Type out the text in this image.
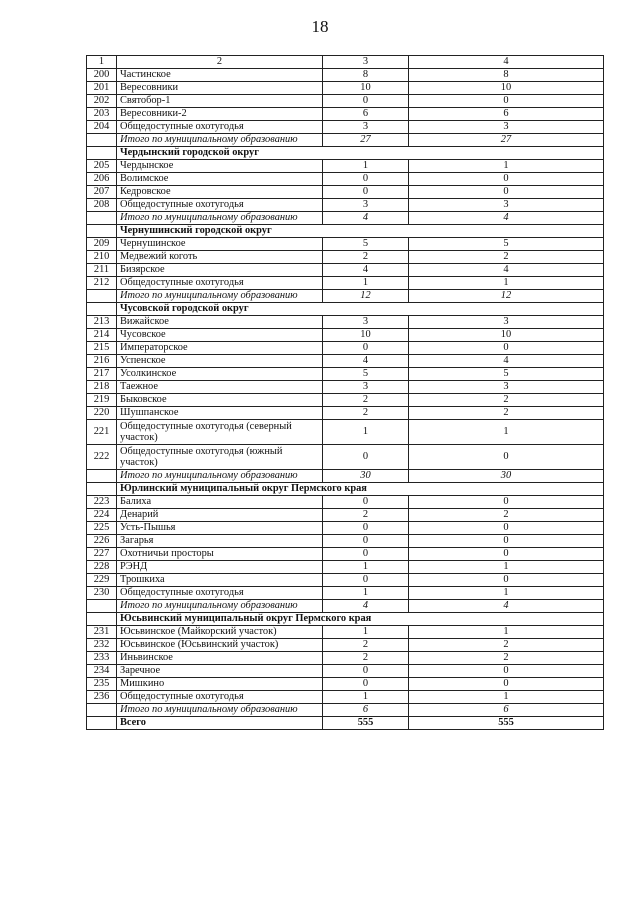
18
1	2	3	4
200	Частинское	8	8
201	Вересовники	10	10
202	Святобор-1	0	0
203	Вересовники-2	6	6
204	Общедоступные охотугодья	3	3
	Итого по муниципальному образованию	27	27
	Чердынский городской округ		
205	Чердынское	1	1
206	Волимское	0	0
207	Кедровское	0	0
208	Общедоступные охотугодья	3	3
	Итого по муниципальному образованию	4	4
	Чернушинский городской округ		
209	Чернушинское	5	5
210	Медвежий коготь	2	2
211	Бизярское	4	4
212	Общедоступные охотугодья	1	1
	Итого по муниципальному образованию	12	12
	Чусовской городской округ		
213	Вижайское	3	3
214	Чусовское	10	10
215	Императорское	0	0
216	Успенское	4	4
217	Усолкинское	5	5
218	Таежное	3	3
219	Быковское	2	2
220	Шушпанское	2	2
221	Общедоступные охотугодья (северный участок)	1	1
222	Общедоступные охотугодья (южный участок)	0	0
	Итого по муниципальному образованию	30	30
	Юрлинский муниципальный округ Пермского края		
223	Балиха	0	0
224	Денарий	2	2
225	Усть-Пышья	0	0
226	Загарья	0	0
227	Охотничьи просторы	0	0
228	РЭНД	1	1
229	Трошкиха	0	0
230	Общедоступные охотугодья	1	1
	Итого по муниципальному образованию	4	4
	Юсьвинский муниципальный округ Пермского края		
231	Юсьвинское (Майкорский участок)	1	1
232	Юсьвинское (Юсьвинский участок)	2	2
233	Иньвинское	2	2
234	Заречное	0	0
235	Мишкино	0	0
236	Общедоступные охотугодья	1	1
	Итого по муниципальному образованию	6	6
	Всего	555	555
